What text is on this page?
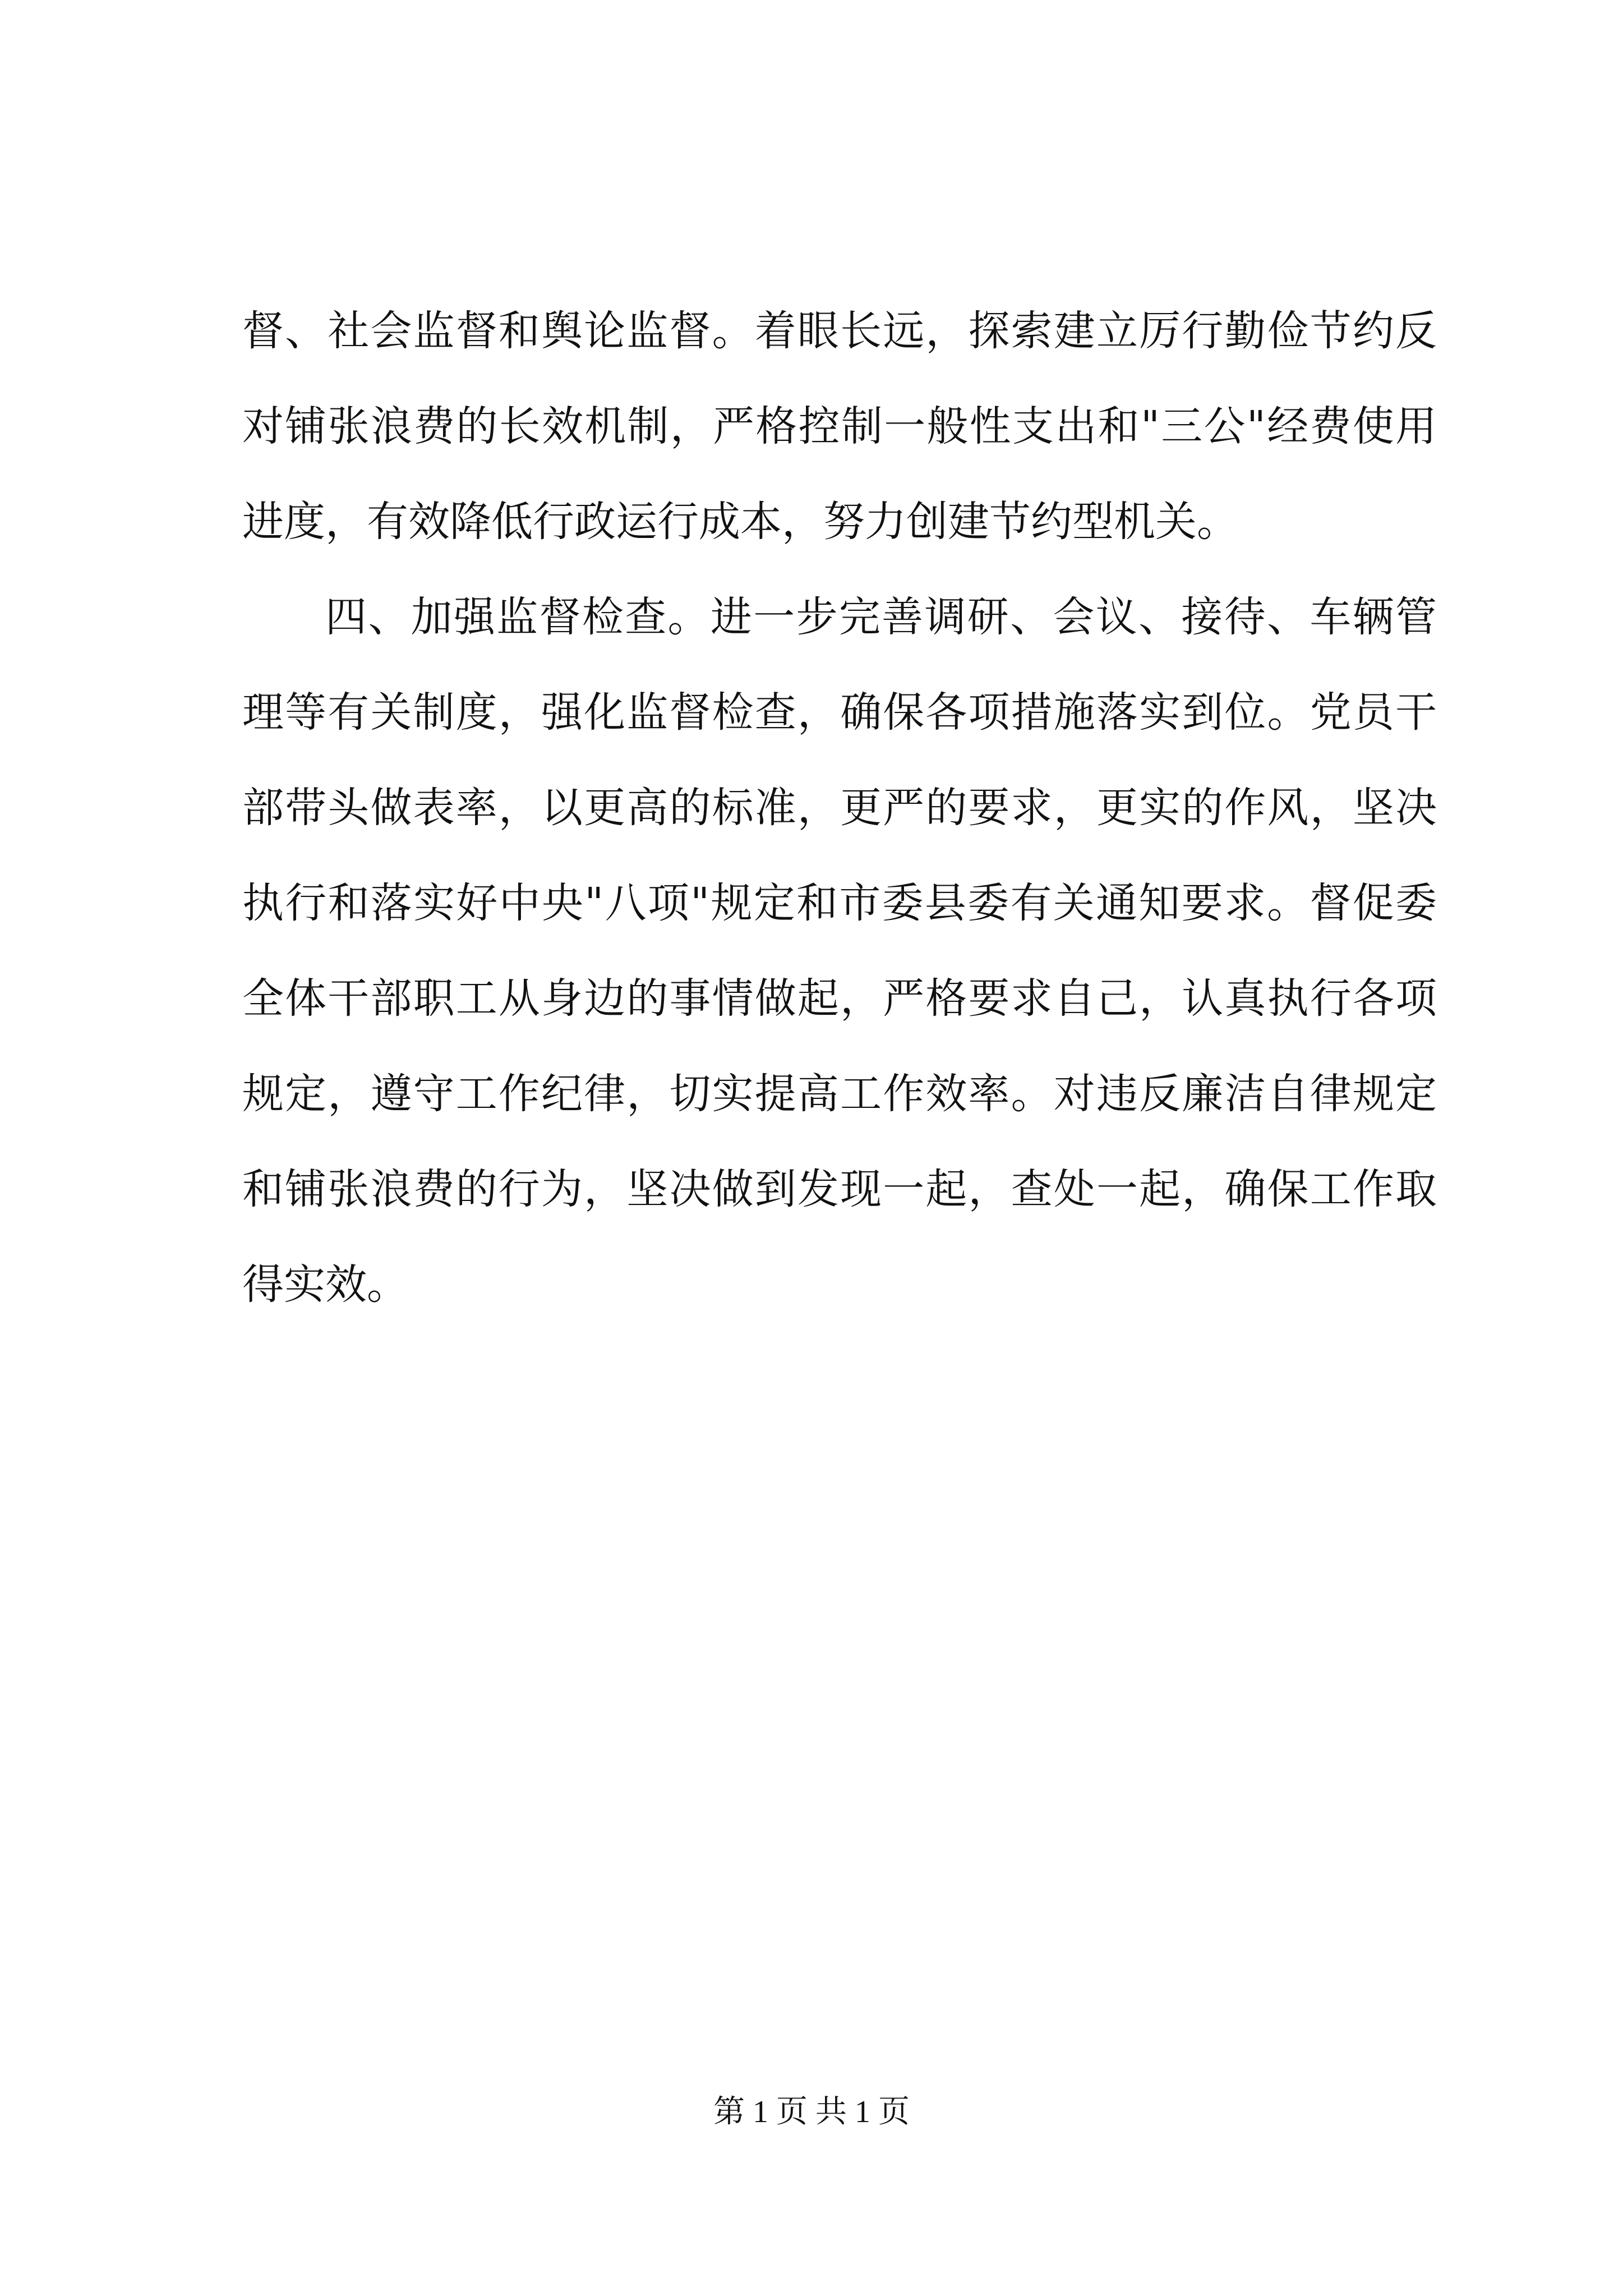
督、社会监督和舆论监督。着眼长远，探索建立厉行勤俭节约反
对铺张浪费的长效机制，严格控制一般性支出和"三公"经费使用
进度，有效降低行政运行成本，努力创建节约型机关。
四、加强监督检查。进一步完善调研、会议、接待、车辆管
理等有关制度，强化监督检查，确保各项措施落实到位。党员干
部带头做表率，以更高的标准，更严的要求，更实的作风，坚决
执行和落实好中央"八项"规定和市委县委有关通知要求。督促委
全体干部职工从身边的事情做起，严格要求自己，认真执行各项
规定，遵守工作纪律，切实提高工作效率。对违反廉洁自律规定
和铺张浪费的行为，坚决做到发现一起，查处一起，确保工作取
得实效。
第 1 页 共 1 页
